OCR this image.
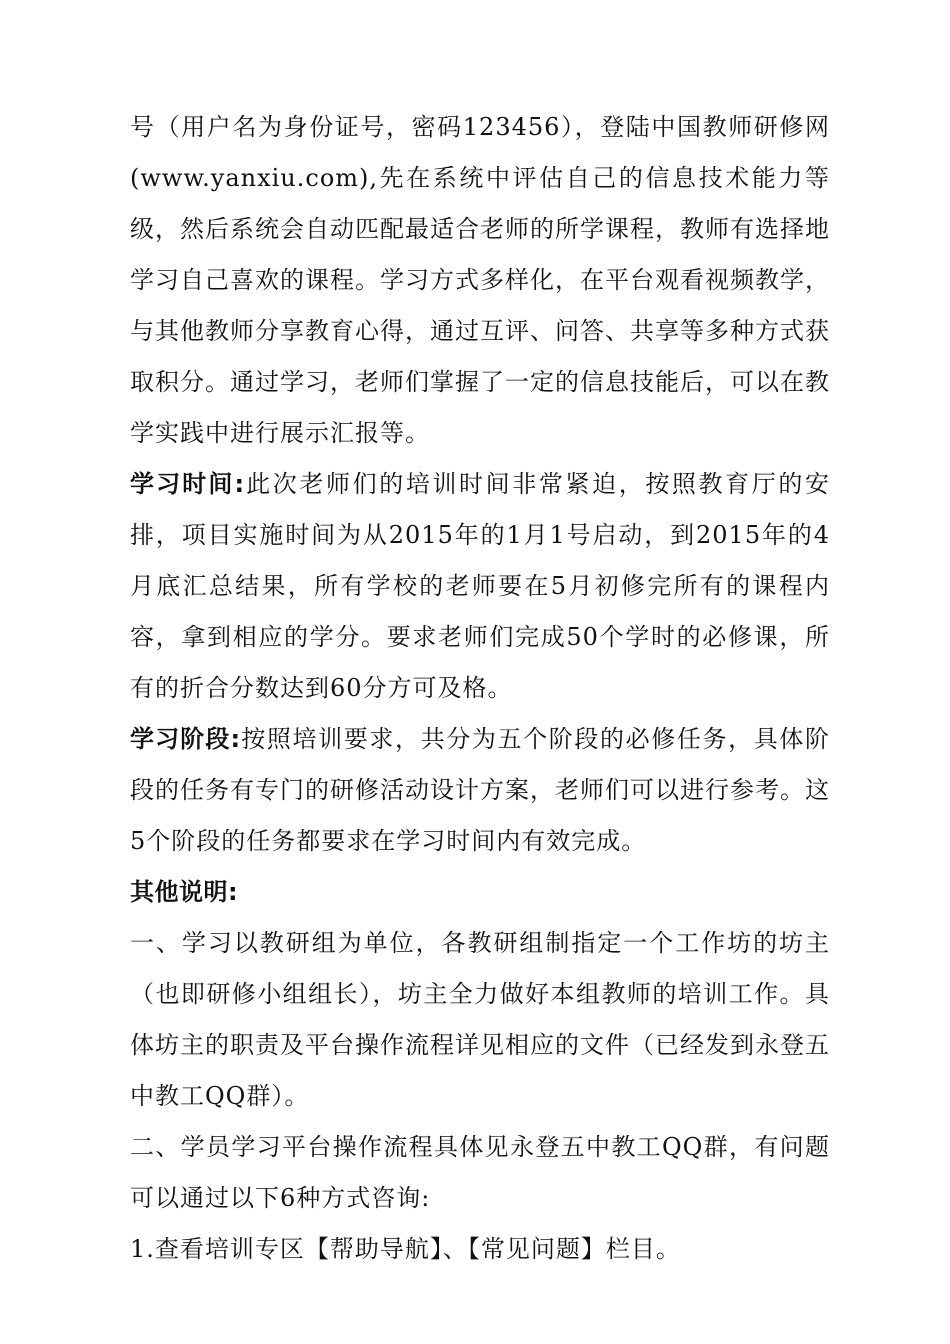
号（用户名为身份证号，密码123456），登陆中国教师研修网(www.yanxiu.com),先在系统中评估自己的信息技术能力等级，然后系统会自动匹配最适合老师的所学课程，教师有选择地学习自己喜欢的课程。学习方式多样化，在平台观看视频教学，与其他教师分享教育心得，通过互评、问答、共享等多种方式获取积分。通过学习，老师们掌握了一定的信息技能后，可以在教学实践中进行展示汇报等。

学习时间:此次老师们的培训时间非常紧迫，按照教育厅的安排，项目实施时间为从2015年的1月1号启动，到2015年的4月底汇总结果，所有学校的老师要在5月初修完所有的课程内容，拿到相应的学分。要求老师们完成50个学时的必修课，所有的折合分数达到60分方可及格。

学习阶段:按照培训要求，共分为五个阶段的必修任务，具体阶段的任务有专门的研修活动设计方案，老师们可以进行参考。这5个阶段的任务都要求在学习时间内有效完成。

其他说明:

一、学习以教研组为单位，各教研组制指定一个工作坊的坊主（也即研修小组组长），坊主全力做好本组教师的培训工作。具体坊主的职责及平台操作流程详见相应的文件（已经发到永登五中教工QQ群）。

二、学员学习平台操作流程具体见永登五中教工QQ群，有问题可以通过以下6种方式咨询:

1.查看培训专区【帮助导航】、【常见问题】栏目。
